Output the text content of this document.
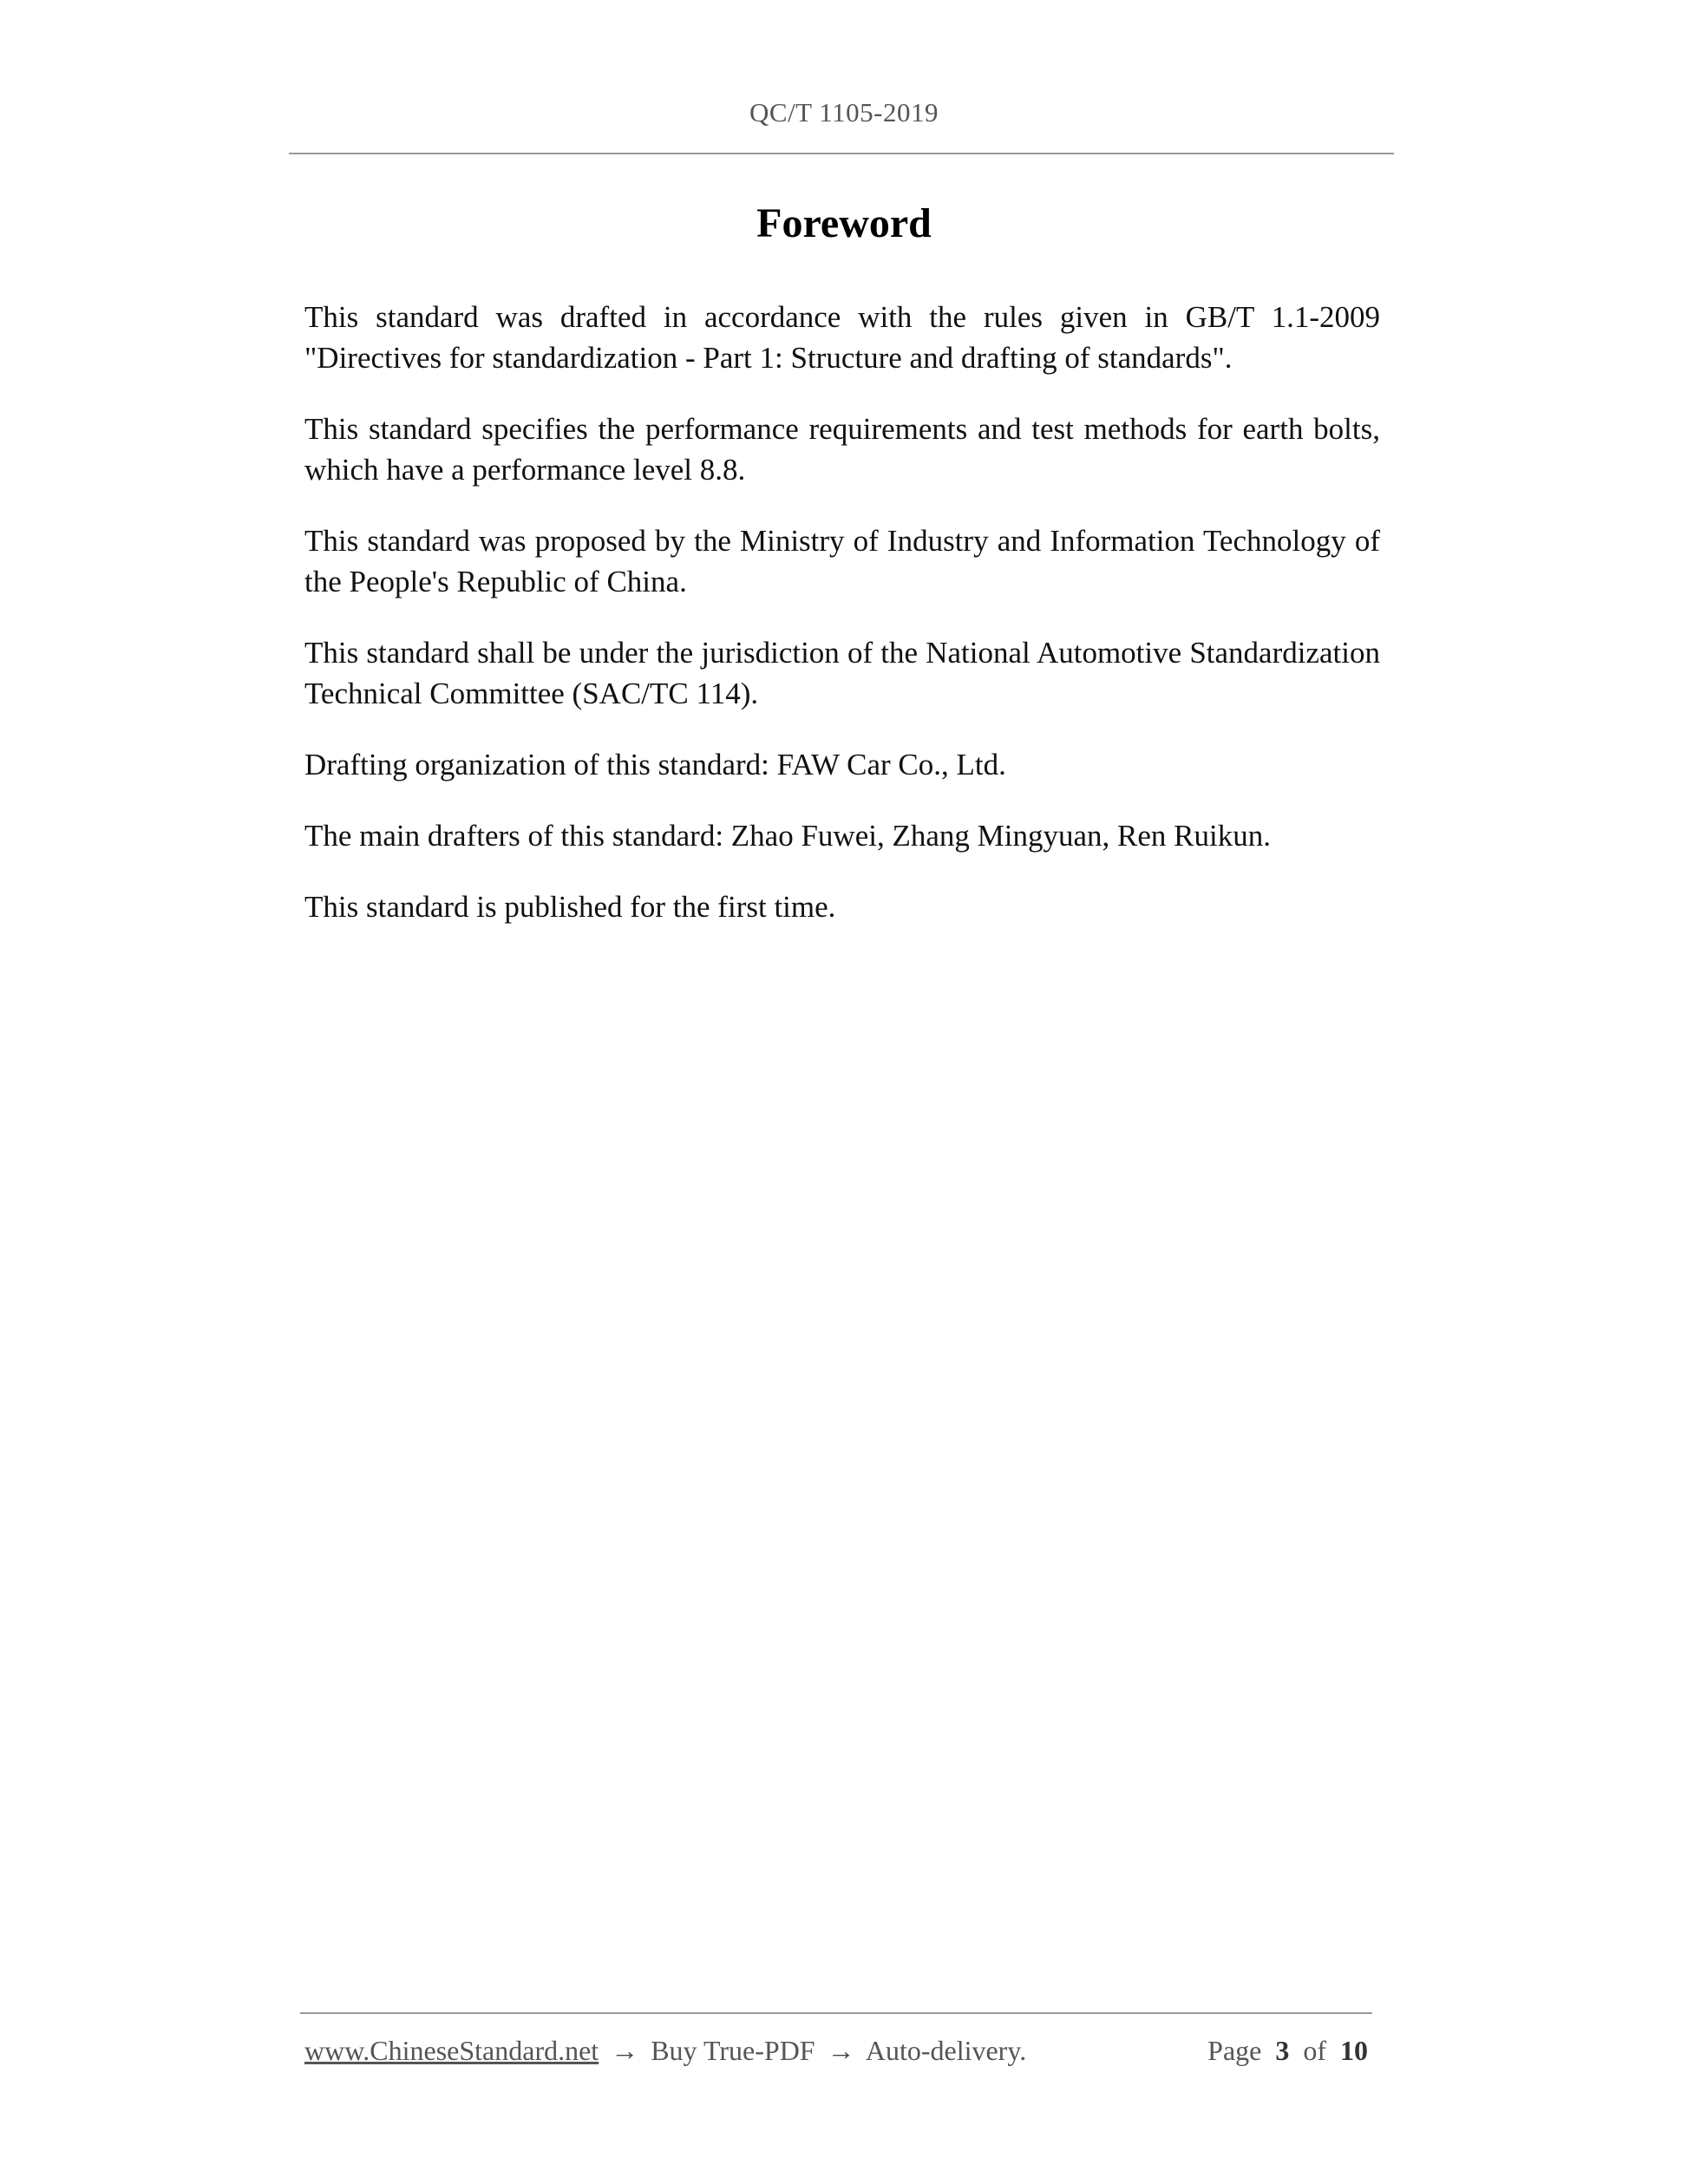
QC/T 1105-2019
Foreword

This standard was drafted in accordance with the rules given in GB/T 1.1-2009 "Directives for standardization - Part 1: Structure and drafting of standards".

This standard specifies the performance requirements and test methods for earth bolts, which have a performance level 8.8.

This standard was proposed by the Ministry of Industry and Information Technology of the People's Republic of China.

This standard shall be under the jurisdiction of the National Automotive Standardization Technical Committee (SAC/TC 114).

Drafting organization of this standard: FAW Car Co., Ltd.

The main drafters of this standard: Zhao Fuwei, Zhang Mingyuan, Ren Ruikun.

This standard is published for the first time.

www.ChineseStandard.net → Buy True-PDF → Auto-delivery.	Page 3 of 10
